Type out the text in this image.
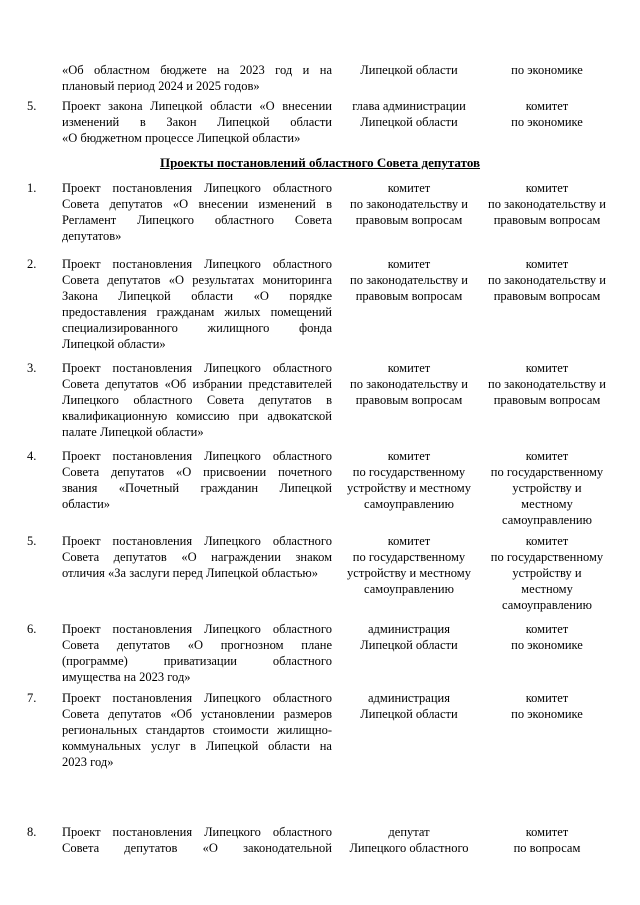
«Об областном бюджете на 2023 год и на
плановый период 2024 и 2025 годов»
Липецкой области	по экономике
5. Проект закона Липецкой области «О внесении
изменений в Закон Липецкой области
«О бюджетном процессе Липецкой области»
глава администрации
Липецкой области
комитет
по экономике
Проекты постановлений областного Совета депутатов
1. Проект постановления Липецкого областного
Совета депутатов «О внесении изменений в
Регламент Липецкого областного Совета
депутатов»
комитет
по законодательству и
правовым вопросам
комитет
по законодательству и
правовым вопросам
2. Проект постановления Липецкого областного
Совета депутатов «О результатах мониторинга
Закона Липецкой области «О порядке
предоставления гражданам жилых помещений
специализированного жилищного фонда
Липецкой области»
комитет
по законодательству и
правовым вопросам
комитет
по законодательству и
правовым вопросам
3. Проект постановления Липецкого областного
Совета депутатов «Об избрании представителей
Липецкого областного Совета депутатов в
квалификационную комиссию при адвокатской
палате Липецкой области»
комитет
по законодательству и
правовым вопросам
комитет
по законодательству и
правовым вопросам
4. Проект постановления Липецкого областного
Совета депутатов «О присвоении почетного
звания «Почетный гражданин Липецкой
области»
комитет
по государственному
устройству и местному
самоуправлению
комитет
по государственному
устройству и
местному
самоуправлению
5. Проект постановления Липецкого областного
Совета депутатов «О награждении знаком
отличия «За заслуги перед Липецкой областью»
комитет
по государственному
устройству и местному
самоуправлению
комитет
по государственному
устройству и
местному
самоуправлению
6. Проект постановления Липецкого областного
Совета депутатов «О прогнозном плане
(программе) приватизации областного
имущества на 2023 год»
администрация
Липецкой области
комитет
по экономике
7. Проект постановления Липецкого областного
Совета депутатов «Об установлении размеров
региональных стандартов стоимости жилищно-
коммунальных услуг в Липецкой области на
2023 год»
администрация
Липецкой области
комитет
по экономике
8. Проект постановления Липецкого областного
Совета депутатов «О законодательной
депутат
Липецкого областного
комитет
по вопросам
